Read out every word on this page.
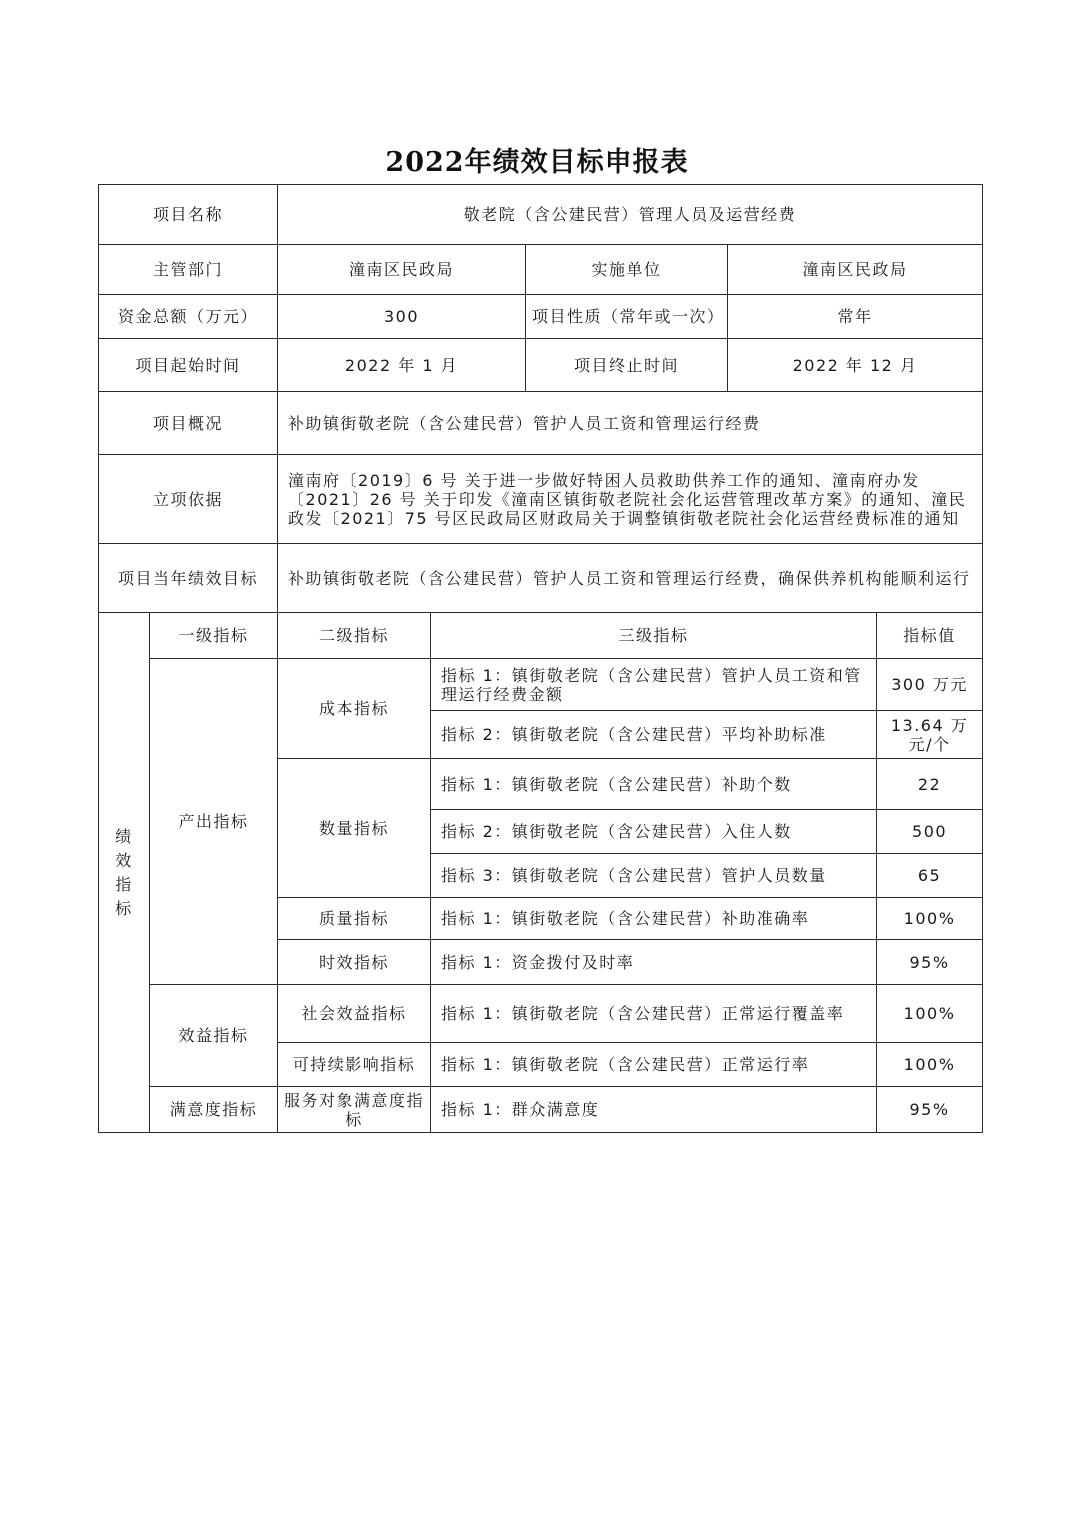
2022年绩效目标申报表
项目名称		敬老院（含公建民营）管理人员及运营经费				
主管部门		潼南区民政局		实施单位	潼南区民政局	
资金总额（万元）		300		项目性质（常年或一次）	常年	
项目起始时间		2022 年 1 月		项目终止时间	2022 年 12 月	
项目概况		补助镇街敬老院（含公建民营）管护人员工资和管理运行经费				
立项依据		潼南府〔2019〕6 号 关于进一步做好特困人员救助供养工作的通知、潼南府办发〔2021〕26 号 关于印发《潼南区镇街敬老院社会化运营管理改革方案》的通知、潼民政发〔2021〕75 号区民政局区财政局关于调整镇街敬老院社会化运营经费标准的通知				
项目当年绩效目标		补助镇街敬老院（含公建民营）管护人员工资和管理运行经费，确保供养机构能顺利运行				
绩效指标	一级指标	二级指标	三级指标			指标值
	产出指标	成本指标	指标 1：镇街敬老院（含公建民营）管护人员工资和管理运行经费金额			300 万元
			指标 2：镇街敬老院（含公建民营）平均补助标准			13.64 万元/个
		数量指标	指标 1：镇街敬老院（含公建民营）补助个数			22
			指标 2：镇街敬老院（含公建民营）入住人数			500
			指标 3：镇街敬老院（含公建民营）管护人员数量			65
		质量指标	指标 1：镇街敬老院（含公建民营）补助准确率			100%
		时效指标	指标 1：资金拨付及时率			95%
	效益指标	社会效益指标	指标 1：镇街敬老院（含公建民营）正常运行覆盖率			100%
		可持续影响指标	指标 1：镇街敬老院（含公建民营）正常运行率			100%
	满意度指标	服务对象满意度指标	指标 1：群众满意度			95%
